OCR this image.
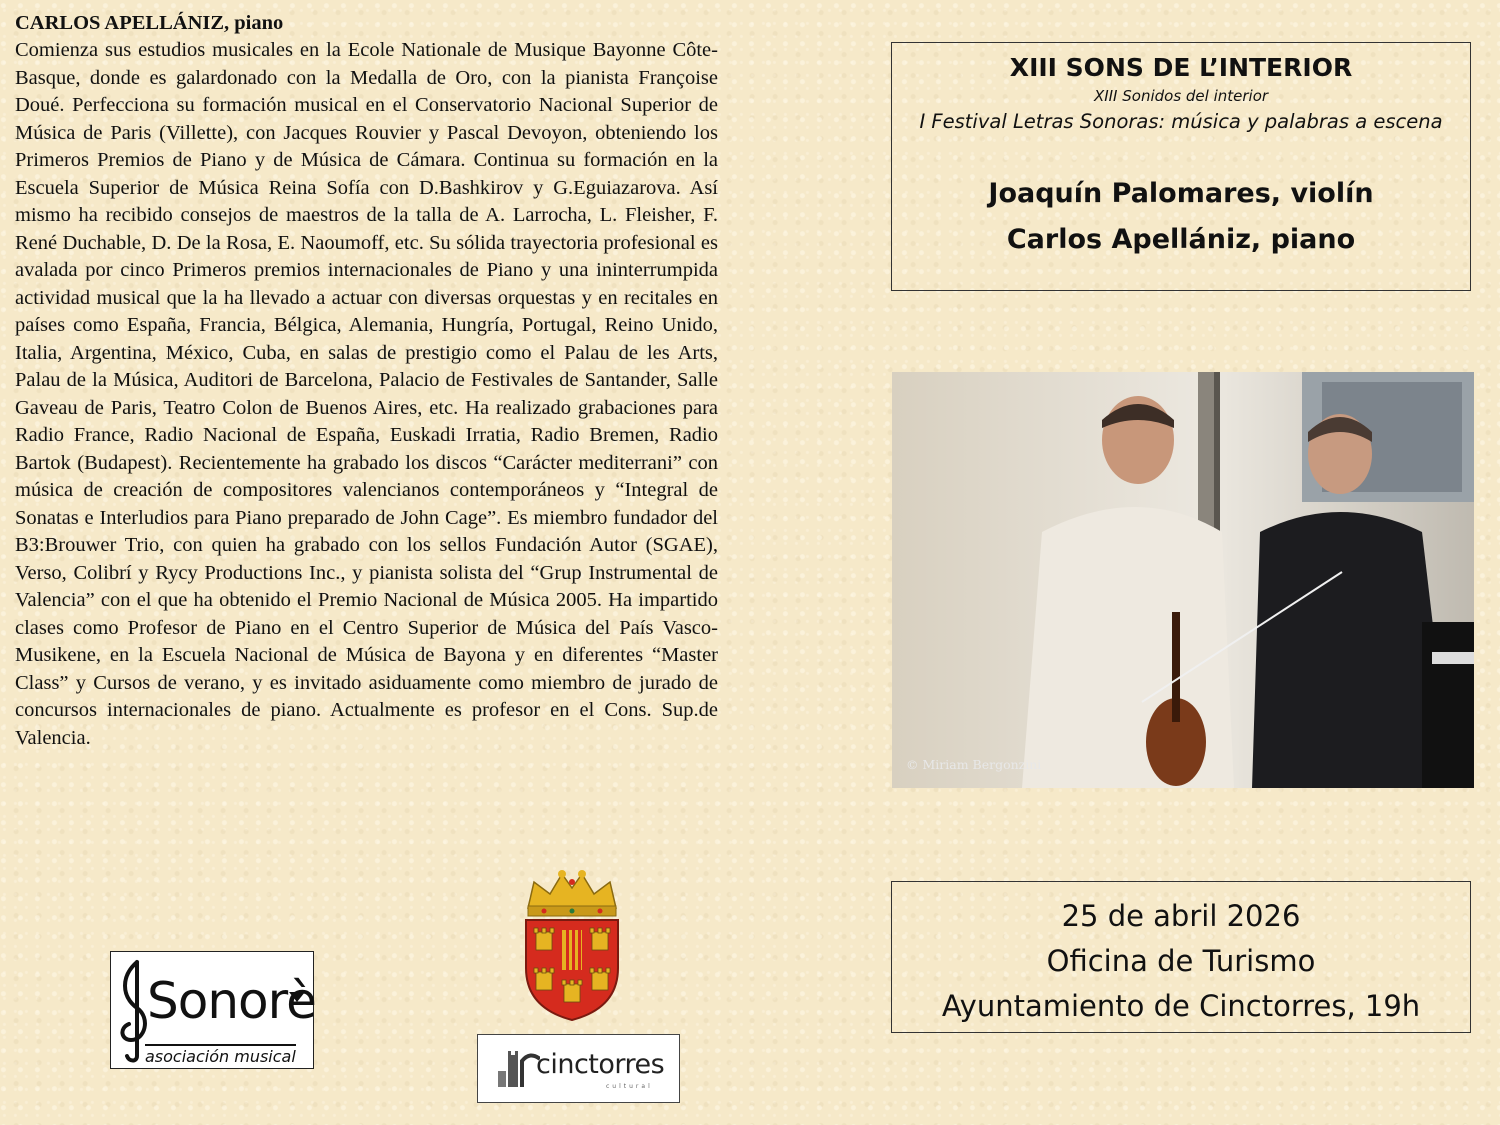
CARLOS APELLÁNIZ, piano

Comienza sus estudios musicales en la Ecole Nationale de Musique Bayonne Côte-Basque, donde es galardonado con la Medalla de Oro, con la pianista Françoise Doué. Perfecciona su formación musical en el Conservatorio Nacional Superior de Música de Paris (Villette), con Jacques Rouvier y Pascal Devoyon, obteniendo los Primeros Premios de Piano y de Música de Cámara. Continua su formación en la Escuela Superior de Música Reina Sofía con D.Bashkirov y G.Eguiazarova. Así mismo ha recibido consejos de maestros de la talla de A. Larrocha, L. Fleisher, F. René Duchable, D. De la Rosa, E. Naoumoff, etc. Su sólida trayectoria profesional es avalada por cinco Primeros premios internacionales de Piano y una ininterrumpida actividad musical que la ha llevado a actuar con diversas orquestas y en recitales en países como España, Francia, Bélgica, Alemania, Hungría, Portugal, Reino Unido, Italia, Argentina, México, Cuba, en salas de prestigio como el Palau de les Arts, Palau de la Música, Auditori de Barcelona, Palacio de Festivales de Santander, Salle Gaveau de Paris, Teatro Colon de Buenos Aires, etc. Ha realizado grabaciones para Radio France, Radio Nacional de España, Euskadi Irratia, Radio Bremen, Radio Bartok (Budapest). Recientemente ha grabado los discos “Carácter mediterrani” con música de creación de compositores valencianos contemporáneos y “Integral de Sonatas e Interludios para Piano preparado de John Cage”. Es miembro fundador del B3:Brouwer Trio, con quien ha grabado con los sellos Fundación Autor (SGAE), Verso, Colibrí y Rycy Productions Inc., y pianista solista del “Grup Instrumental de Valencia” con el que ha obtenido el Premio Nacional de Música 2005. Ha impartido clases como Profesor de Piano en el Centro Superior de Música del País Vasco-Musikene, en la Escuela Nacional de Música de Bayona y en diferentes “Master Class” y Cursos de verano, y es invitado asiduamente como miembro de jurado de concursos internacionales de piano. Actualmente es profesor en el Cons. Sup.de Valencia.

XIII SONS DE L’INTERIOR
XIII Sonidos del interior
I Festival Letras Sonoras: música y palabras a escena
Joaquín Palomares, violín
Carlos Apellániz, piano
© Miriam Bergonzini
25 de abril 2026
Oficina de Turismo
Ayuntamiento de Cinctorres, 19h
Sonorè
asociación musical	cinctorres
cultural
